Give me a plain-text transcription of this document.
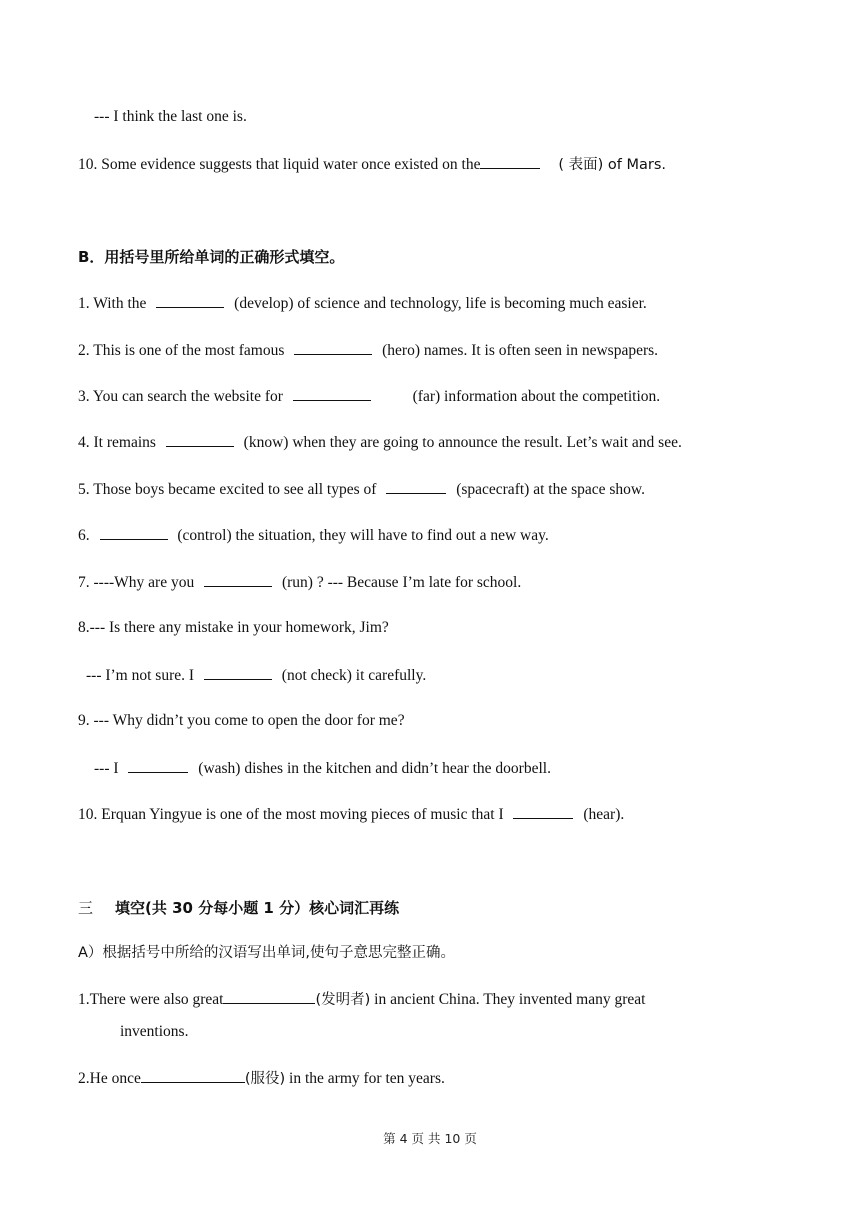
--- I think the last one is.
10. Some evidence suggests that liquid water once existed on the	( 表面) of Mars.
B．用括号里所给单词的正确形式填空。
1. With the	(develop) of science and technology, life is becoming much easier.
2. This is one of the most famous	(hero) names. It is often seen in newspapers.
3. You can search the website for	(far) information about the competition.
4. It remains	(know) when they are going to announce the result. Let’s wait and see.
5. Those boys became excited to see all types of	(spacecraft) at the space show.
6.	(control) the situation, they will have to find out a new way.
7. ----Why are you	(run) ? --- Because I’m late for school.
8.--- Is there any mistake in your homework, Jim?
--- I’m not sure. I	(not check) it carefully.
9. --- Why didn’t you come to open the door for me?
--- I	(wash) dishes in the kitchen and didn’t hear the doorbell.
10. Erquan Yingyue is one of the most moving pieces of music that I	(hear).
三 填空(共 30 分每小题 1 分）核心词汇再练
A）根据括号中所给的汉语写出单词,使句子意思完整正确。
1.There were also great	(发明者) in ancient China. They invented many great
inventions.
2.He once	(服役) in the army for ten years.
第 4 页 共 10 页
